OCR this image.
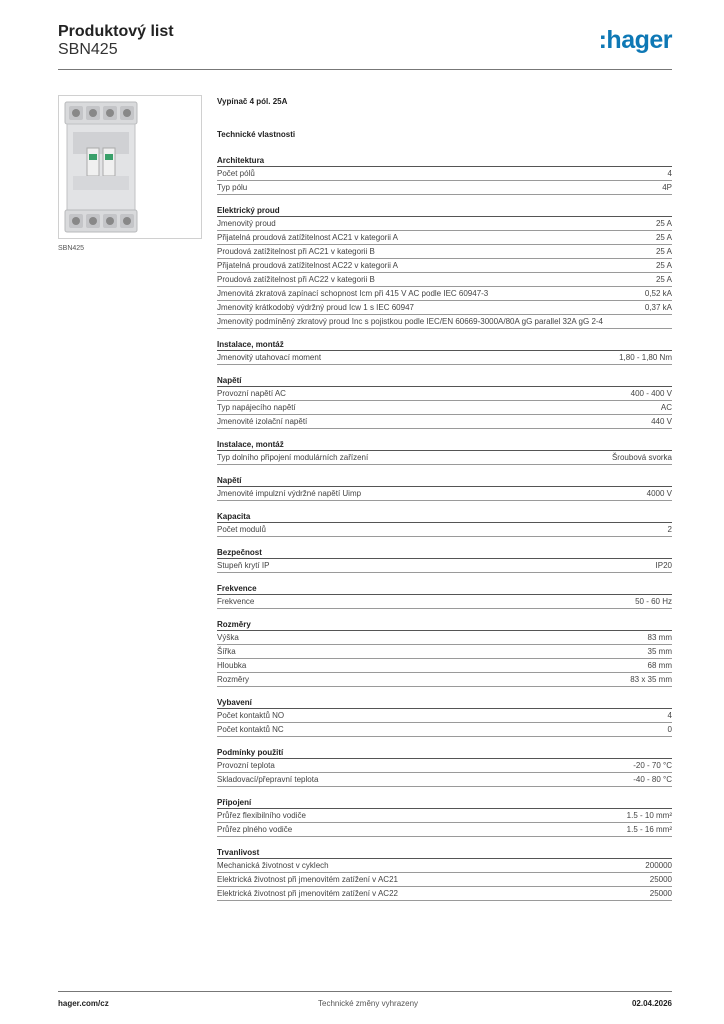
Produktový list
SBN425	:hager
SBN425
Vypínač 4 pól. 25A
Technické vlastnosti
Architektura
Počet pólů	4
Typ pólu	4P
Elektrický proud
Jmenovitý proud	25 A
Přijatelná proudová zatížitelnost AC21 v kategorii A	25 A
Proudová zatížitelnost při AC21 v kategorii B	25 A
Přijatelná proudová zatížitelnost AC22 v kategorii A	25 A
Proudová zatížitelnost při AC22 v kategorii B	25 A
Jmenovitá zkratová zapínací schopnost Icm při 415 V AC podle IEC 60947-3	0,52 kA
Jmenovitý krátkodobý výdržný proud Icw 1 s IEC 60947	0,37 kA
Jmenovitý podmíněný zkratový proud Inc s pojistkou podle IEC/EN 60669-3000A/80A gG parallel 32A gG 2-4
Instalace, montáž
Jmenovitý utahovací moment	1,80 - 1,80 Nm
Napětí
Provozní napětí AC	400 - 400 V
Typ napájecího napětí	AC
Jmenovité izolační napětí	440 V
Instalace, montáž
Typ dolního připojení modulárních zařízení	Šroubová svorka
Napětí
Jmenovité impulzní výdržné napětí Uimp	4000 V
Kapacita
Počet modulů	2
Bezpečnost
Stupeň krytí IP	IP20
Frekvence
Frekvence	50 - 60 Hz
Rozměry
Výška	83 mm
Šířka	35 mm
Hloubka	68 mm
Rozměry	83 x 35 mm
Vybavení
Počet kontaktů NO	4
Počet kontaktů NC	0
Podmínky použití
Provozní teplota	-20 - 70 °C
Skladovací/přepravní teplota	-40 - 80 °C
Připojení
Průřez flexibilního vodiče	1.5 - 10 mm²
Průřez plného vodiče	1.5 - 16 mm²
Trvanlivost
Mechanická životnost v cyklech	200000
Elektrická životnost při jmenovitém zatížení v AC21	25000
Elektrická životnost při jmenovitém zatížení v AC22	25000
hager.com/cz	Technické změny vyhrazeny	02.04.2026
